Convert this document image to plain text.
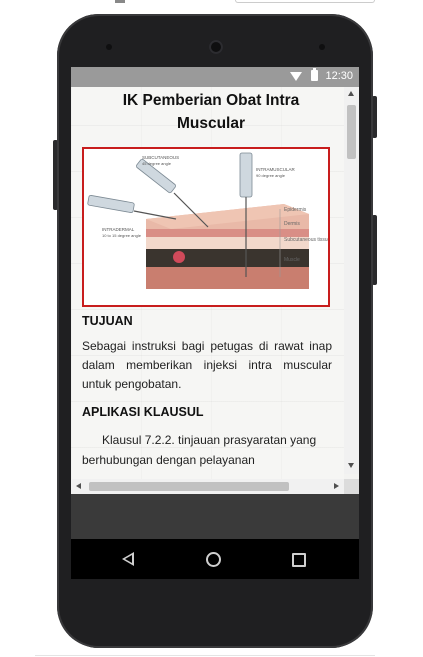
12:30
IK Pemberian Obat Intra
Muscular
Epidermis
Dermis
Subcutaneous tissue
Muscle
SUBCUTANEOUS
45 degree angle
INTRAMUSCULAR
90 degree angle
INTRADERMAL
10 to 15 degree angle
TUJUAN
Sebagai instruksi bagi petugas di rawat inap dalam memberikan injeksi intra muscular untuk pengobatan.
APLIKASI KLAUSUL
Klausul 7.2.2. tinjauan prasyaratan yang berhubungan dengan pelayanan
